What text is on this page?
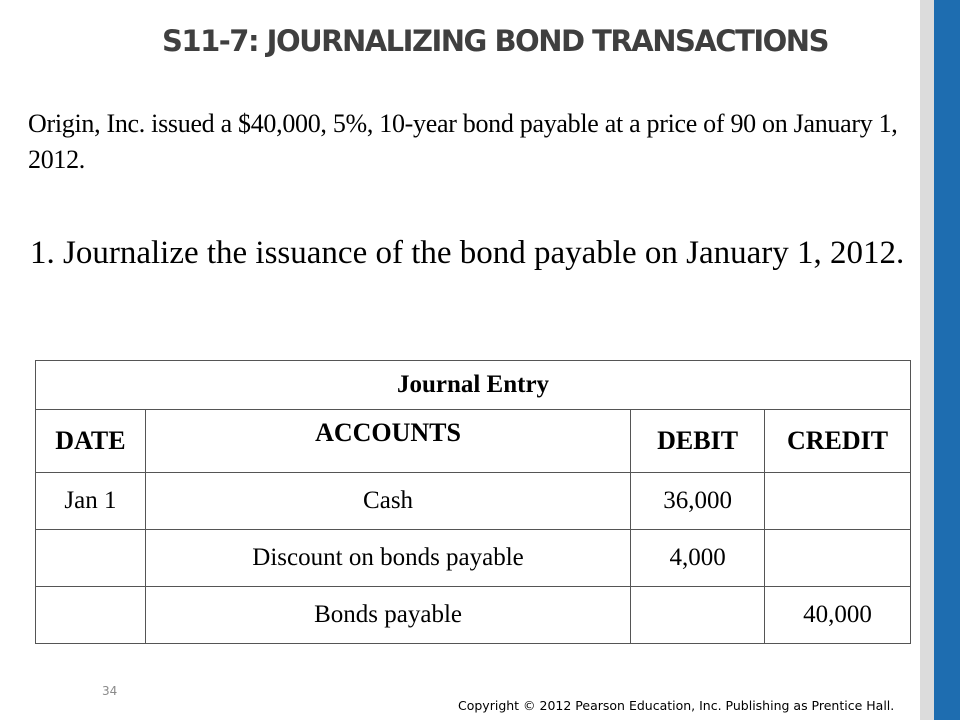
S11-7: JOURNALIZING BOND TRANSACTIONS

Origin, Inc. issued a $40,000, 5%, 10-year bond payable at a price of 90 on January 1, 2012.

1. Journalize the issuance of the bond payable on January 1, 2012.

Journal Entry			
DATE	ACCOUNTS	DEBIT	CREDIT
Jan 1	Cash	36,000	
	Discount on bonds payable	4,000	
	Bonds payable		40,000
34
Copyright © 2012 Pearson Education, Inc. Publishing as Prentice Hall.
